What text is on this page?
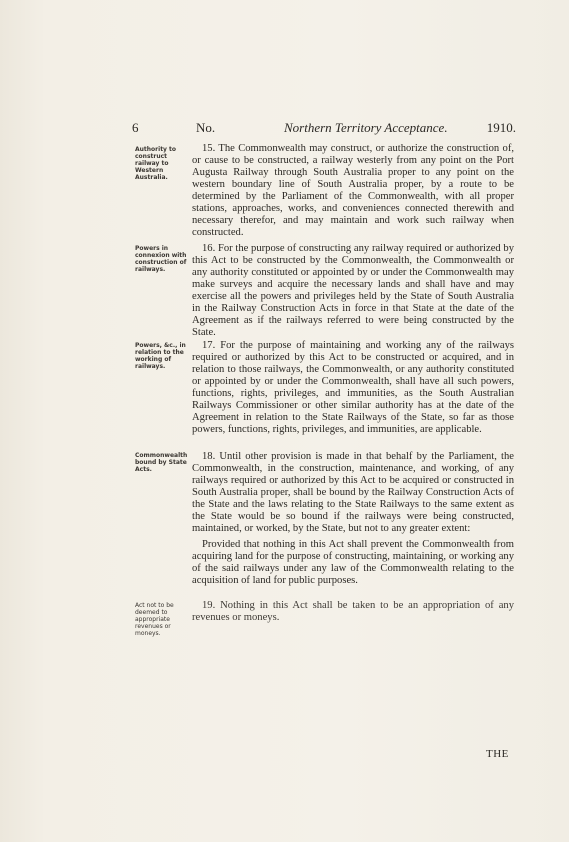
6	No.	Northern Territory Acceptance.	1910.
Authority to construct railway to Western Australia.

15. The Commonwealth may construct, or authorize the construction of, or cause to be constructed, a railway westerly from any point on the Port Augusta Railway through South Australia proper to any point on the western boundary line of South Australia proper, by a route to be determined by the Parliament of the Commonwealth, with all proper stations, approaches, works, and conveniences connected therewith and necessary therefor, and may maintain and work such railway when constructed.

Powers in connexion with construction of railways.

16. For the purpose of constructing any railway required or authorized by this Act to be constructed by the Commonwealth, the Commonwealth or any authority constituted or appointed by or under the Commonwealth may make surveys and acquire the necessary lands and shall have and may exercise all the powers and privileges held by the State of South Australia in the Railway Construction Acts in force in that State at the date of the Agreement as if the railways referred to were being constructed by the State.

Powers, &c., in relation to the working of railways.

17. For the purpose of maintaining and working any of the railways required or authorized by this Act to be constructed or acquired, and in relation to those railways, the Commonwealth, or any authority constituted or appointed by or under the Commonwealth, shall have all such powers, functions, rights, privileges, and immunities, as the South Australian Railways Commissioner or other similar authority has at the date of the Agreement in relation to the State Railways of the State, so far as those powers, functions, rights, privileges, and immunities, are applicable.

Commonwealth bound by State Acts.

18. Until other provision is made in that behalf by the Parliament, the Commonwealth, in the construction, maintenance, and working, of any railways required or authorized by this Act to be acquired or constructed in South Australia proper, shall be bound by the Railway Construction Acts of the State and the laws relating to the State Railways to the same extent as the State would be so bound if the railways were being constructed, maintained, or worked, by the State, but not to any greater extent:

Provided that nothing in this Act shall prevent the Commonwealth from acquiring land for the purpose of constructing, maintaining, or working any of the said railways under any law of the Commonwealth relating to the acquisition of land for public purposes.

Act not to be deemed to appropriate revenues or moneys.

19. Nothing in this Act shall be taken to be an appropriation of any revenues or moneys.

THE
